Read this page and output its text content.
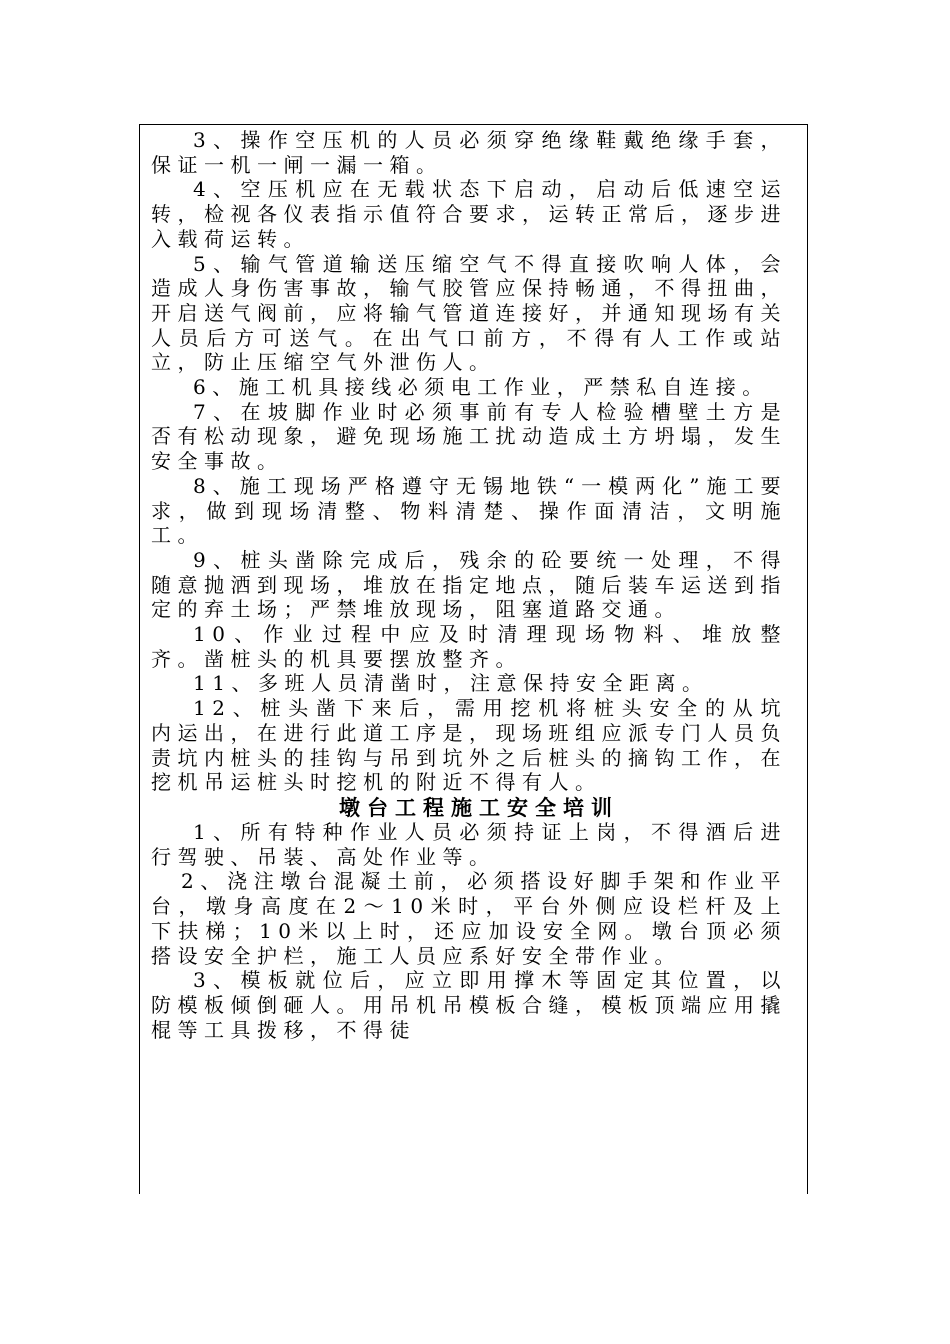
3、操作空压机的人员必须穿绝缘鞋戴绝缘手套，保证一机一闸一漏一箱。

4、空压机应在无载状态下启动，启动后低速空运转，检视各仪表指示值符合要求，运转正常后，逐步进入载荷运转。

5、输气管道输送压缩空气不得直接吹响人体，会造成人身伤害事故，输气胶管应保持畅通，不得扭曲，开启送气阀前，应将输气管道连接好，并通知现场有关人员后方可送气。在出气口前方，不得有人工作或站立，防止压缩空气外泄伤人。

6、施工机具接线必须电工作业，严禁私自连接。

7、在坡脚作业时必须事前有专人检验槽壁土方是否有松动现象，避免现场施工扰动造成土方坍塌，发生安全事故。

8、施工现场严格遵守无锡地铁“一模两化”施工要求，做到现场清整、物料清楚、操作面清洁，文明施工。

9、桩头凿除完成后，残余的砼要统一处理，不得随意抛洒到现场，堆放在指定地点，随后装车运送到指定的弃土场；严禁堆放现场，阻塞道路交通。

10、作业过程中应及时清理现场物料、堆放整齐。凿桩头的机具要摆放整齐。

11、多班人员清凿时，注意保持安全距离。

12、桩头凿下来后，需用挖机将桩头安全的从坑内运出，在进行此道工序是，现场班组应派专门人员负责坑内桩头的挂钩与吊到坑外之后桩头的摘钩工作，在挖机吊运桩头时挖机的附近不得有人。

墩台工程施工安全培训

1、所有特种作业人员必须持证上岗，不得酒后进行驾驶、吊装、高处作业等。

2、浇注墩台混凝土前，必须搭设好脚手架和作业平台，墩身高度在2～10米时，平台外侧应设栏杆及上下扶梯；10米以上时，还应加设安全网。墩台顶必须搭设安全护栏，施工人员应系好安全带作业。

3、模板就位后，应立即用撑木等固定其位置，以防模板倾倒砸人。用吊机吊模板合缝，模板顶端应用撬棍等工具拨移，不得徒
